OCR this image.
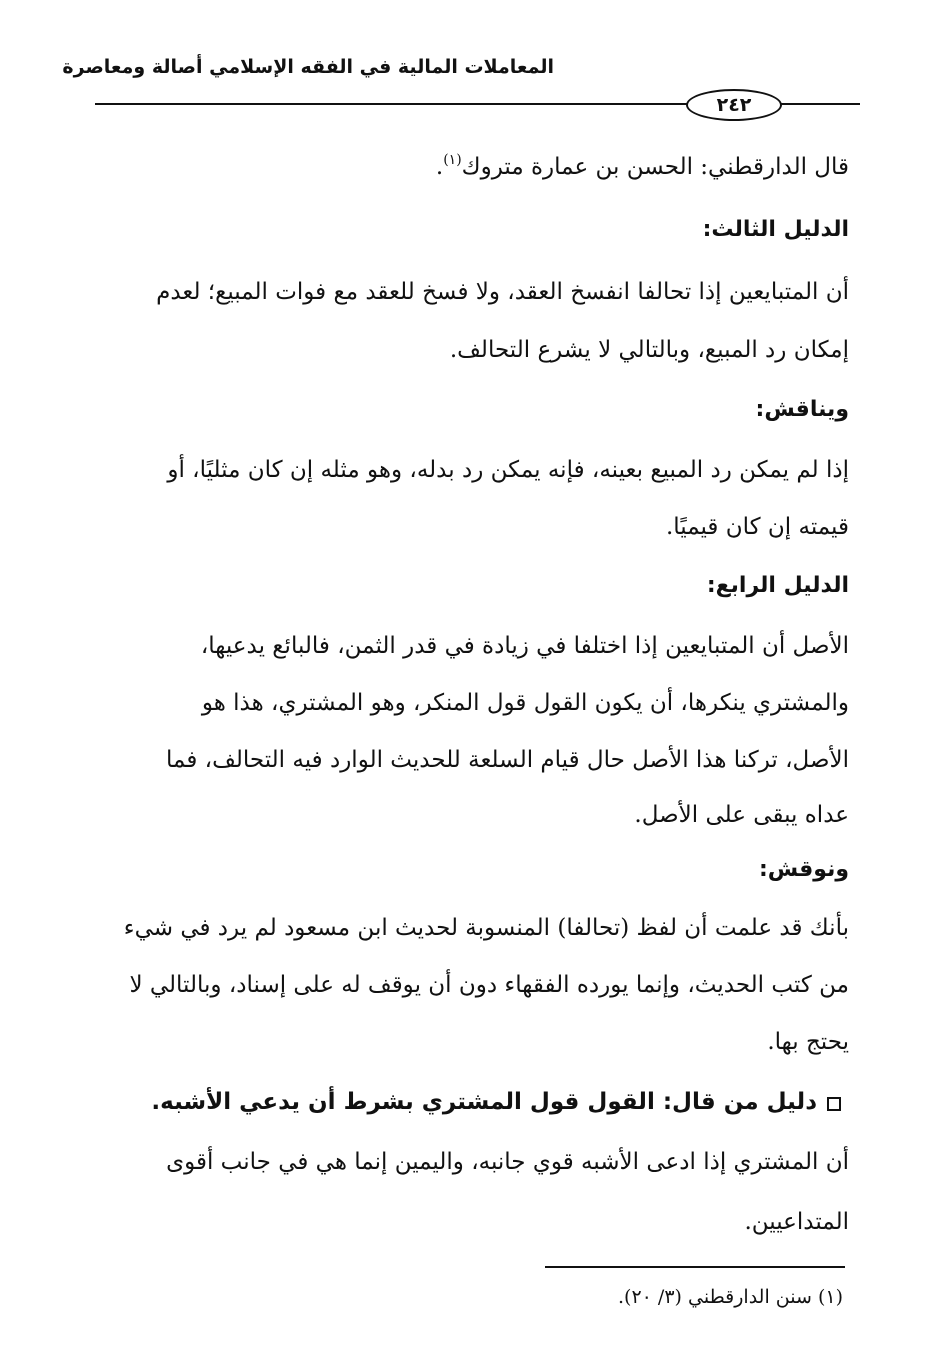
المعاملات المالية في الفقه الإسلامي أصالة ومعاصرة
٢٤٢

قال الدارقطني: الحسن بن عمارة متروك$^{(١)}$.

الدليل الثالث:

أن المتبايعين إذا تحالفا انفسخ العقد، ولا فسخ للعقد مع فوات المبيع؛ لعدم

إمكان رد المبيع، وبالتالي لا يشرع التحالف.

ويناقش:

إذا لم يمكن رد المبيع بعينه، فإنه يمكن رد بدله، وهو مثله إن كان مثليًا، أو

قيمته إن كان قيميًا.

الدليل الرابع:

الأصل أن المتبايعين إذا اختلفا في زيادة في قدر الثمن، فالبائع يدعيها،

والمشتري ينكرها، أن يكون القول قول المنكر، وهو المشتري، هذا هو

الأصل، تركنا هذا الأصل حال قيام السلعة للحديث الوارد فيه التحالف، فما

عداه يبقى على الأصل.

ونوقش:

بأنك قد علمت أن لفظ (تحالفا) المنسوبة لحديث ابن مسعود لم يرد في شيء

من كتب الحديث، وإنما يورده الفقهاء دون أن يوقف له على إسناد، وبالتالي لا

يحتج بها.

دليل من قال: القول قول المشتري بشرط أن يدعي الأشبه.

أن المشتري إذا ادعى الأشبه قوي جانبه، واليمين إنما هي في جانب أقوى

المتداعيين.

(١) سنن الدارقطني (٣/ ٢٠).
